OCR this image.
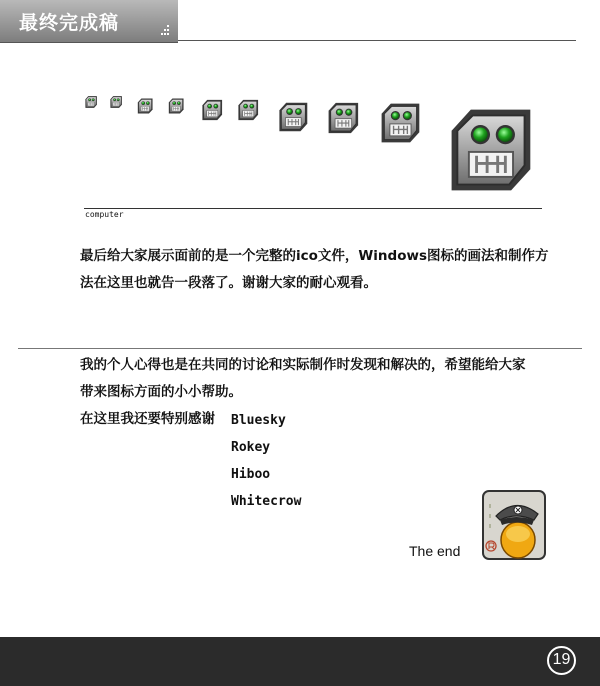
最终完成稿
computer
最后给大家展示面前的是一个完整的ico文件，Windows图标的画法和制作方
法在这里也就告一段落了。谢谢大家的耐心观看。
我的个人心得也是在共同的讨论和实际制作时发现和解决的，希望能给大家
带来图标方面的小小帮助。
在这里我还要特别感谢 Bluesky
Rokey
Hiboo
Whitecrow
The end
19
